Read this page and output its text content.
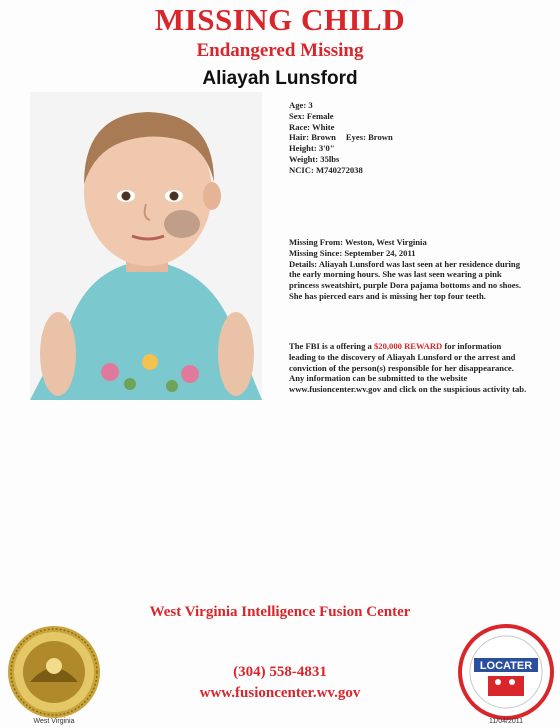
MISSING CHILD
Endangered Missing
Aliayah Lunsford
Age: 3
Sex: Female
Race: White
Hair: Brown Eyes: Brown
Height: 3'0"
Weight: 35lbs
NCIC: M740272038
Missing From: Weston, West Virginia
Missing Since: September 24, 2011
Details: Aliayah Lunsford was last seen at her residence during the early morning hours. She was last seen wearing a pink princess sweatshirt, purple Dora pajama bottoms and no shoes. She has pierced ears and is missing her top four teeth.
The FBI is a offering a $20,000 REWARD for information leading to the discovery of Aliayah Lunsford or the arrest and conviction of the person(s) responsible for her disappearance. Any information can be submitted to the website www.fusioncenter.wv.gov and click on the suspicious activity tab.
West Virginia Intelligence Fusion Center
West Virginia
(304) 558-4831
www.fusioncenter.wv.gov
LOCATER
11/04/2011
